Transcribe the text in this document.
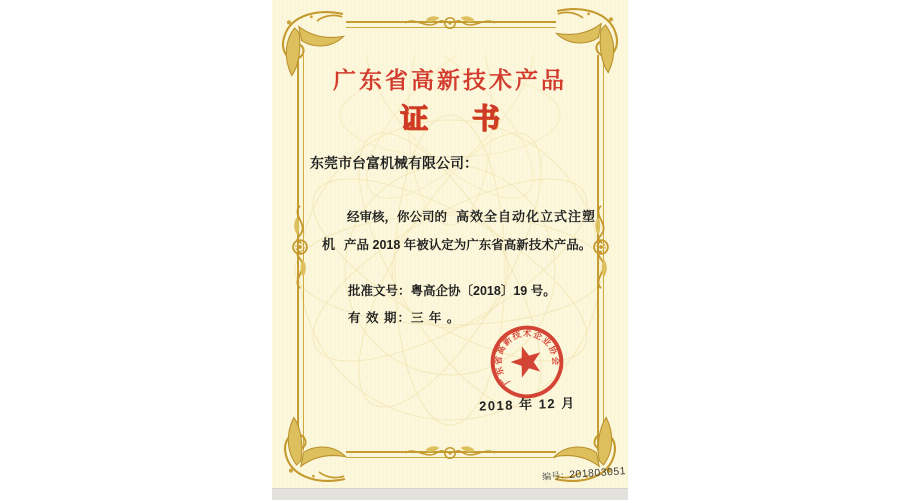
广东省高新技术产品
证 书
东莞市台富机械有限公司：
经审核，你公司的 高效全自动化立式注塑
机 产品 2018 年被认定为广东省高新技术产品。
批准文号：粤高企协〔2018〕19 号。
有 效 期：三 年 。
广东省高新技术企业协会
2018 年 12 月
编号：201803051
